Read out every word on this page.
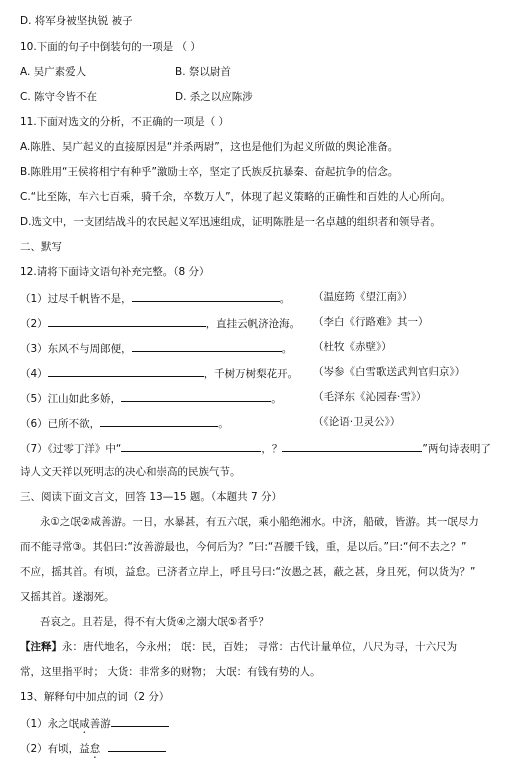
D. 将军身被坚执锐 被子
10.下面的句子中倒装句的一项是 （ ）
A. 吴广素爱人	B. 祭以尉首
C. 陈守令皆不在	D. 杀之以应陈涉
11.下面对选文的分析，不正确的一项是（ ）
A.陈胜、吴广起义的直接原因是“并杀两尉”，这也是他们为起义所做的舆论准备。
B.陈胜用“王侯将相宁有种乎”激励士卒，坚定了氏族反抗暴秦、奋起抗争的信念。
C.“比至陈，车六七百乘，骑千余，卒数万人”，体现了起义策略的正确性和百姓的人心所向。
D.选文中，一支团结战斗的农民起义军迅速组成，证明陈胜是一名卓越的组织者和领导者。
二、默写
12.请将下面诗文语句补充完整。（8 分）
（1）过尽千帆皆不是，	。 （温庭筠《望江南》）
（2）	，直挂云帆济沧海。 （李白《行路难》其一）
（3）东风不与周郎便，	。 （杜牧《赤壁》）
（4）	，千树万树梨花开。 （岑参《白雪歌送武判官归京》）
（5）江山如此多娇，	。	（毛泽东《沁园春·雪》）
（6）已所不欲，	。	（《论语·卫灵公》）
（7）《过零丁洋》中“	，？	”两句诗表明了
诗人文天祥以死明志的决心和崇高的民族气节。
三、阅读下面文言文，回答 13—15 题。（本题共 7 分）
永①之氓②咸善游。一日，水暴甚，有五六氓，乘小船绝湘水。中济，船破，皆游。其一氓尽力
而不能寻常③。其侣曰:“汝善游最也，今何后为？”曰:“吾腰千钱，重，是以后。”曰:“何不去之？”
不应，摇其首。有顷，益怠。已济者立岸上，呼且号曰:“汝愚之甚，蔽之甚，身且死，何以货为？”
又摇其首。遂溺死。
吾哀之。且若是，得不有大货④之溺大氓⑤者乎？
【注释】永：唐代地名，今永州； 氓：民，百姓； 寻常：古代计量单位，八尺为寻，十六尺为
常，这里指平时； 大货：非常多的财物； 大氓：有钱有势的人。
13、解释句中加点的词（2 分）
（1）永之氓咸善游
（2）有顷，益怠
